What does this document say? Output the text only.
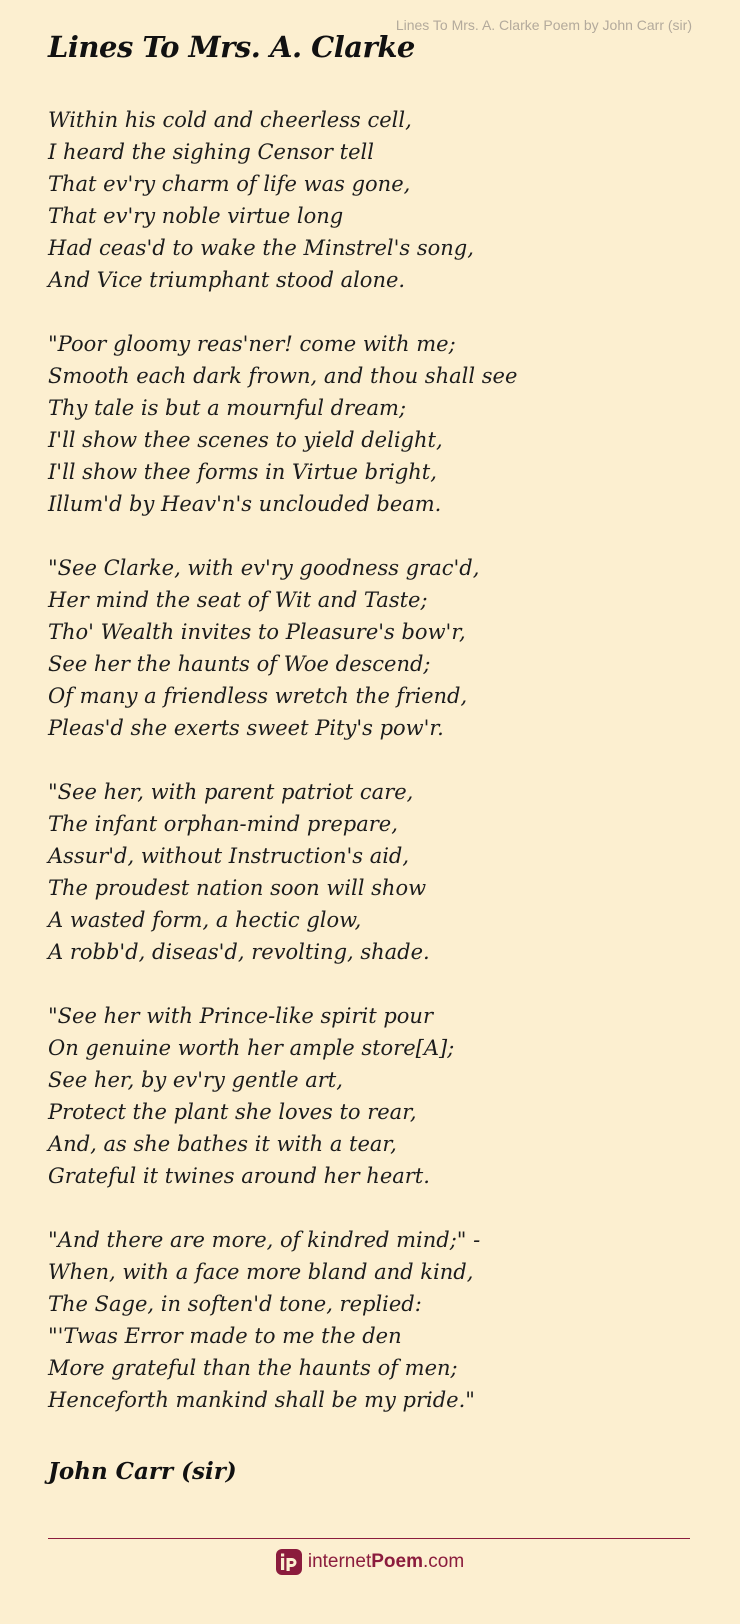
Lines To Mrs. A. Clarke Poem by John Carr (sir)
Lines To Mrs. A. Clarke
Within his cold and cheerless cell,
I heard the sighing Censor tell
That ev'ry charm of life was gone,
That ev'ry noble virtue long
Had ceas'd to wake the Minstrel's song,
And Vice triumphant stood alone.
"Poor gloomy reas'ner! come with me;
Smooth each dark frown, and thou shall see
Thy tale is but a mournful dream;
I'll show thee scenes to yield delight,
I'll show thee forms in Virtue bright,
Illum'd by Heav'n's unclouded beam.
"See Clarke, with ev'ry goodness grac'd,
Her mind the seat of Wit and Taste;
Tho' Wealth invites to Pleasure's bow'r,
See her the haunts of Woe descend;
Of many a friendless wretch the friend,
Pleas'd she exerts sweet Pity's pow'r.
"See her, with parent patriot care,
The infant orphan-mind prepare,
Assur'd, without Instruction's aid,
The proudest nation soon will show
A wasted form, a hectic glow,
A robb'd, diseas'd, revolting, shade.
"See her with Prince-like spirit pour
On genuine worth her ample store[A];
See her, by ev'ry gentle art,
Protect the plant she loves to rear,
And, as she bathes it with a tear,
Grateful it twines around her heart.
"And there are more, of kindred mind;" -
When, with a face more bland and kind,
The Sage, in soften'd tone, replied:
"'Twas Error made to me the den
More grateful than the haunts of men;
Henceforth mankind shall be my pride."
John Carr (sir)
internetPoem.com
